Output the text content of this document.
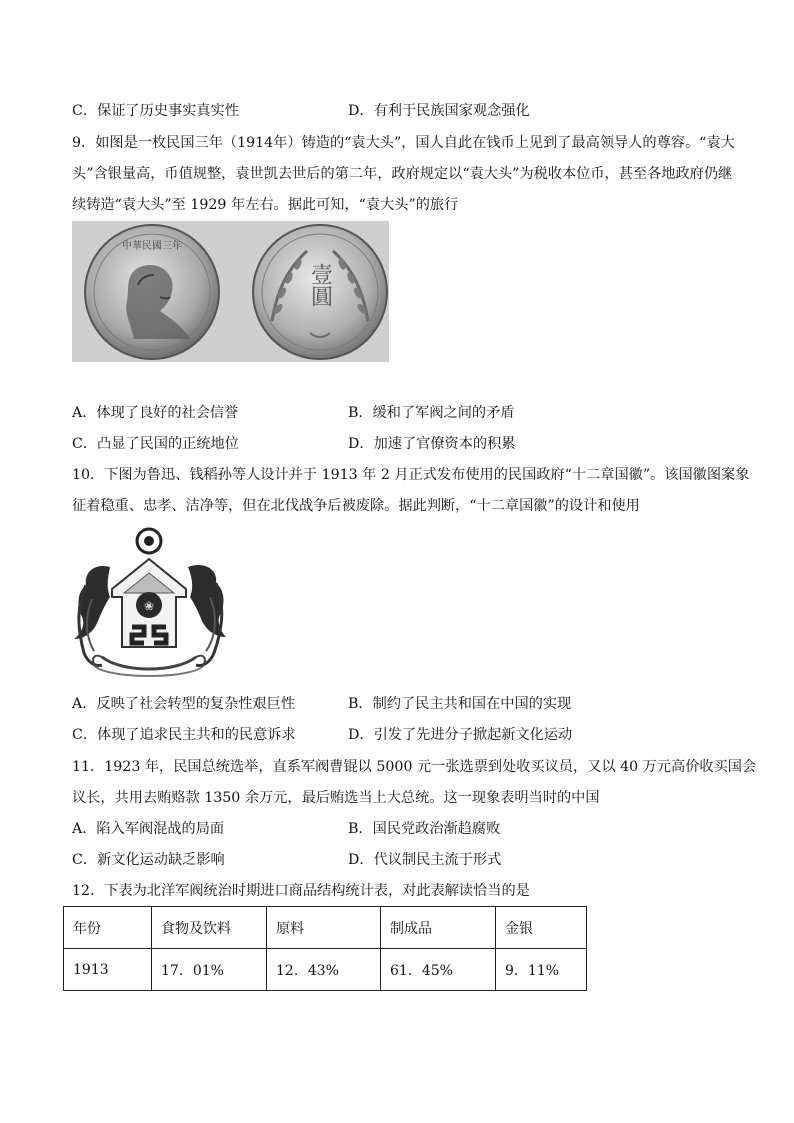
C．保证了历史事实真实性	D．有利于民族国家观念强化
9．如图是一枚民国三年（1914年）铸造的“袁大头”，国人自此在钱币上见到了最高领导人的尊容。“袁大
头”含银量高，币值规整，袁世凯去世后的第二年，政府规定以“袁大头”为税收本位币，甚至各地政府仍继
续铸造“袁大头”至 1929 年左右。据此可知，“袁大头”的旅行
中華民國三年
壹圓
A．体现了良好的社会信誉	B．缓和了军阀之间的矛盾
C．凸显了民国的正统地位	D．加速了官僚资本的积累
10．下图为鲁迅、钱稻孙等人设计并于 1913 年 2 月正式发布使用的民国政府“十二章国徽”。该国徽图案象
征着稳重、忠孝、洁净等，但在北伐战争后被废除。据此判断，“十二章国徽”的设计和使用
❀
A．反映了社会转型的复杂性艰巨性	B．制约了民主共和国在中国的实现
C．体现了追求民主共和的民意诉求	D．引发了先进分子掀起新文化运动
11．1923 年，民国总统选举，直系军阀曹锟以 5000 元一张选票到处收买议员，又以 40 万元高价收买国会
议长，共用去贿赂款 1350 余万元，最后贿选当上大总统。这一现象表明当时的中国
A．陷入军阀混战的局面	B．国民党政治渐趋腐败
C．新文化运动缺乏影响	D．代议制民主流于形式
12．下表为北洋军阀统治时期进口商品结构统计表，对此表解读恰当的是
年份	食物及饮料	原料	制成品	金银
1913	17．01%	12．43%	61．45%	9．11%
